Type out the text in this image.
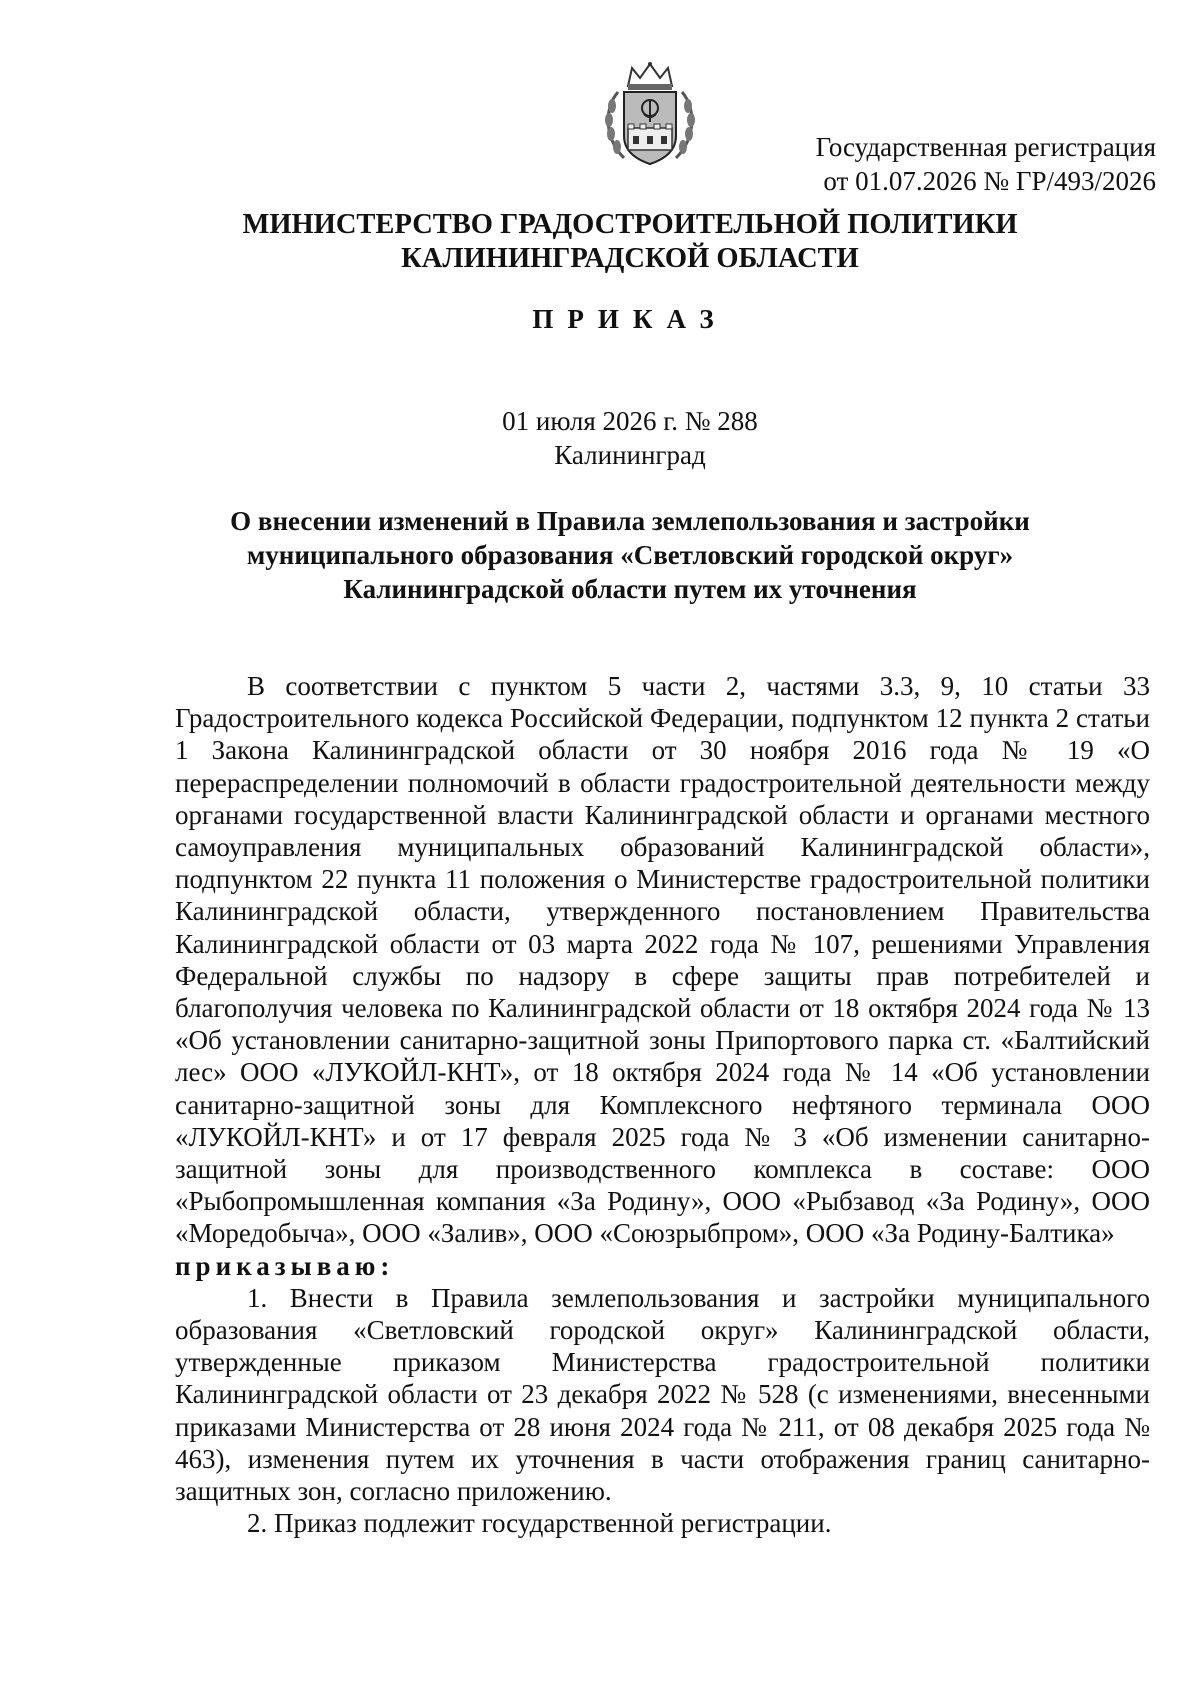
Государственная регистрация
от 01.07.2026 № ГР/493/2026
МИНИСТЕРСТВО ГРАДОСТРОИТЕЛЬНОЙ ПОЛИТИКИ
КАЛИНИНГРАДСКОЙ ОБЛАСТИ
ПРИКАЗ
01 июля 2026 г. № 288
Калининград
О внесении изменений в Правила землепользования и застройки
муниципального образования «Светловский городской округ»
Калининградской области путем их уточнения

В соответствии с пунктом 5 части 2, частями 3.3, 9, 10 статьи 33 Градостроительного кодекса Российской Федерации, подпунктом 12 пункта 2 статьи 1 Закона Калининградской области от 30 ноября 2016 года № 19 «О перераспределении полномочий в области градостроительной деятельности между органами государственной власти Калининградской области и органами местного самоуправления муниципальных образований Калининградской области», подпунктом 22 пункта 11 положения о Министерстве градостроительной политики Калининградской области, утвержденного постановлением Правительства Калининградской области от 03 марта 2022 года № 107, решениями Управления Федеральной службы по надзору в сфере защиты прав потребителей и благополучия человека по Калининградской области от 18 октября 2024 года № 13 «Об установлении санитарно-защитной зоны Припортового парка ст. «Балтийский лес» ООО «ЛУКОЙЛ-КНТ», от 18 октября 2024 года № 14 «Об установлении санитарно-защитной зоны для Комплексного нефтяного терминала ООО «ЛУКОЙЛ-КНТ» и от 17 февраля 2025 года № 3 «Об изменении санитарно-защитной зоны для производственного комплекса в составе: ООО «Рыбопромышленная компания «За Родину», ООО «Рыбзавод «За Родину», ООО «Моредобыча», ООО «Залив», ООО «Союзрыбпром», ООО «За Родину-Балтика»

приказываю:

1. Внести в Правила землепользования и застройки муниципального образования «Светловский городской округ» Калининградской области, утвержденные приказом Министерства градостроительной политики Калининградской области от 23 декабря 2022 № 528 (с изменениями, внесенными приказами Министерства от 28 июня 2024 года № 211, от 08 декабря 2025 года № 463), изменения путем их уточнения в части отображения границ санитарно-защитных зон, согласно приложению.

2. Приказ подлежит государственной регистрации.
